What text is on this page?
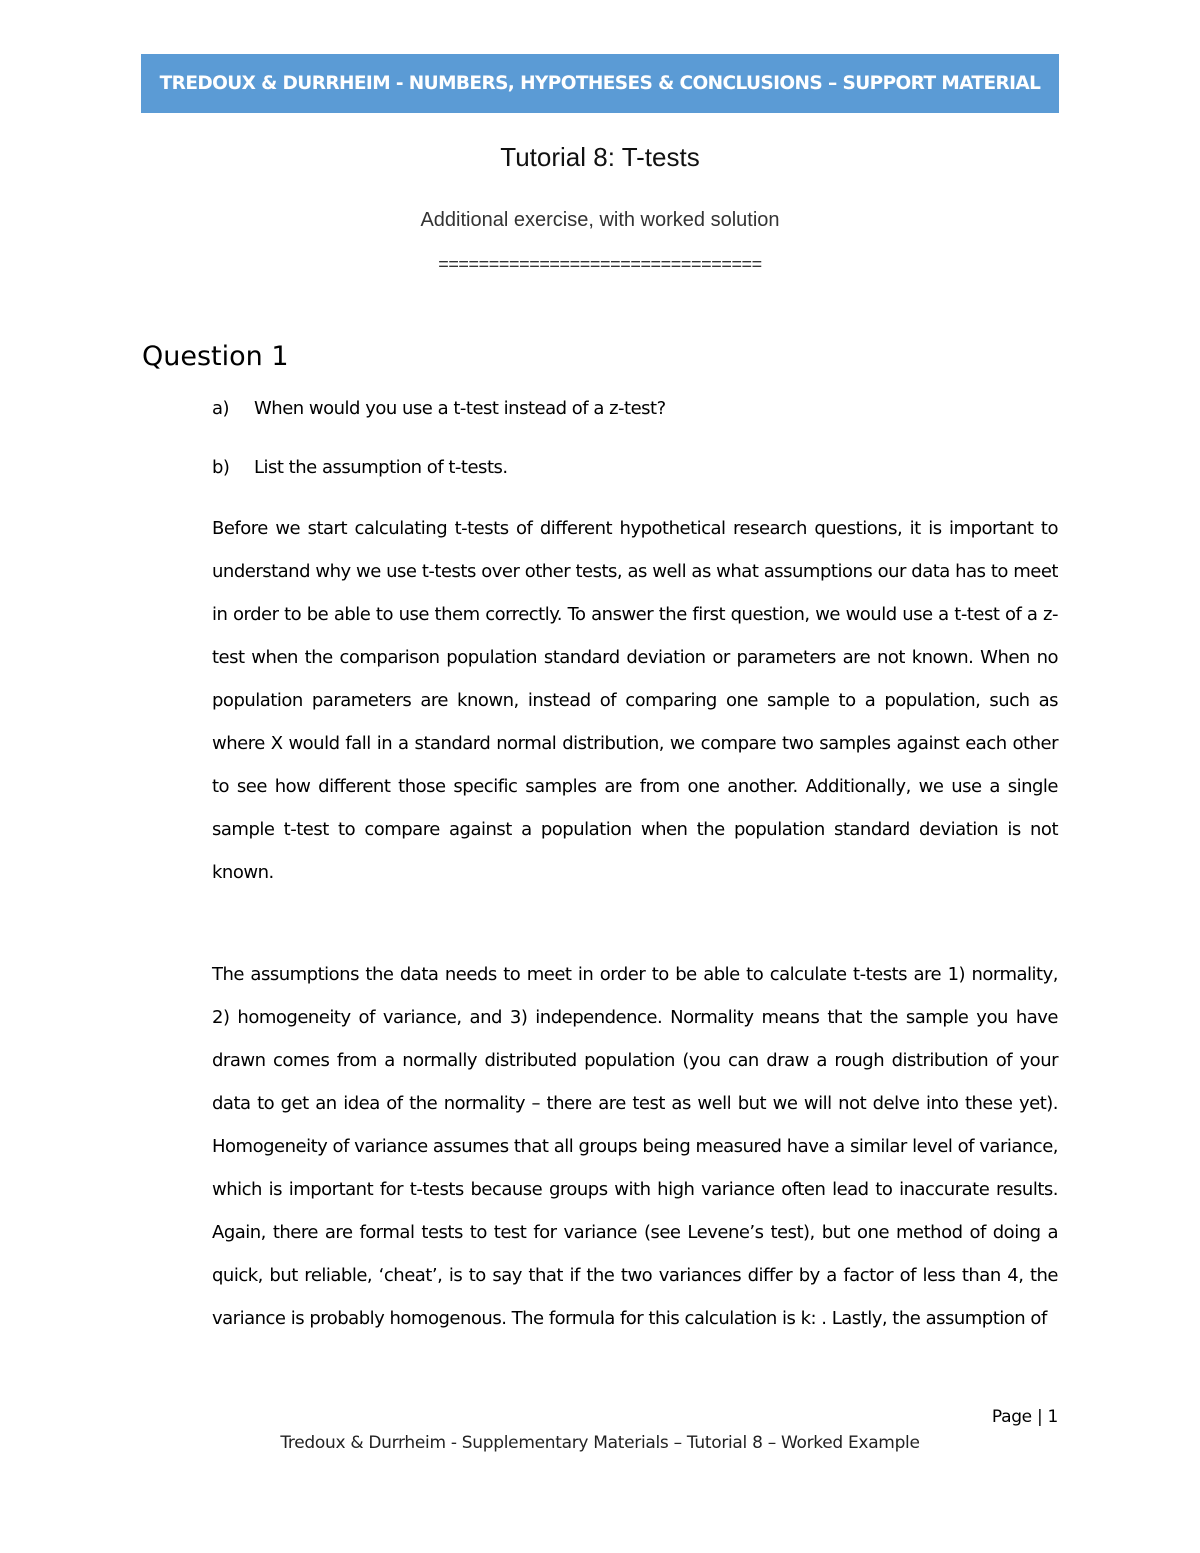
TREDOUX & DURRHEIM - NUMBERS, HYPOTHESES & CONCLUSIONS – SUPPORT MATERIAL
Tutorial 8: T-tests
Additional exercise, with worked solution
================================
Question 1
a) When would you use a t-test instead of a z-test?
b) List the assumption of t-tests.

Before we start calculating t-tests of different hypothetical research questions, it is important to understand why we use t-tests over other tests, as well as what assumptions our data has to meet in order to be able to use them correctly. To answer the first question, we would use a t-test of a z-test when the comparison population standard deviation or parameters are not known. When no population parameters are known, instead of comparing one sample to a population, such as where X would fall in a standard normal distribution, we compare two samples against each other to see how different those specific samples are from one another. Additionally, we use a single sample t-test to compare against a population when the population standard deviation is not known.

The assumptions the data needs to meet in order to be able to calculate t-tests are 1) normality, 2) homogeneity of variance, and 3) independence. Normality means that the sample you have drawn comes from a normally distributed population (you can draw a rough distribution of your data to get an idea of the normality – there are test as well but we will not delve into these yet). Homogeneity of variance assumes that all groups being measured have a similar level of variance, which is important for t-tests because groups with high variance often lead to inaccurate results. Again, there are formal tests to test for variance (see Levene’s test), but one method of doing a quick, but reliable, ‘cheat’, is to say that if the two variances differ by a factor of less than 4, the variance is probably homogenous. The formula for this calculation is k: . Lastly, the assumption of

Page | 1
Tredoux & Durrheim - Supplementary Materials – Tutorial 8 – Worked Example
